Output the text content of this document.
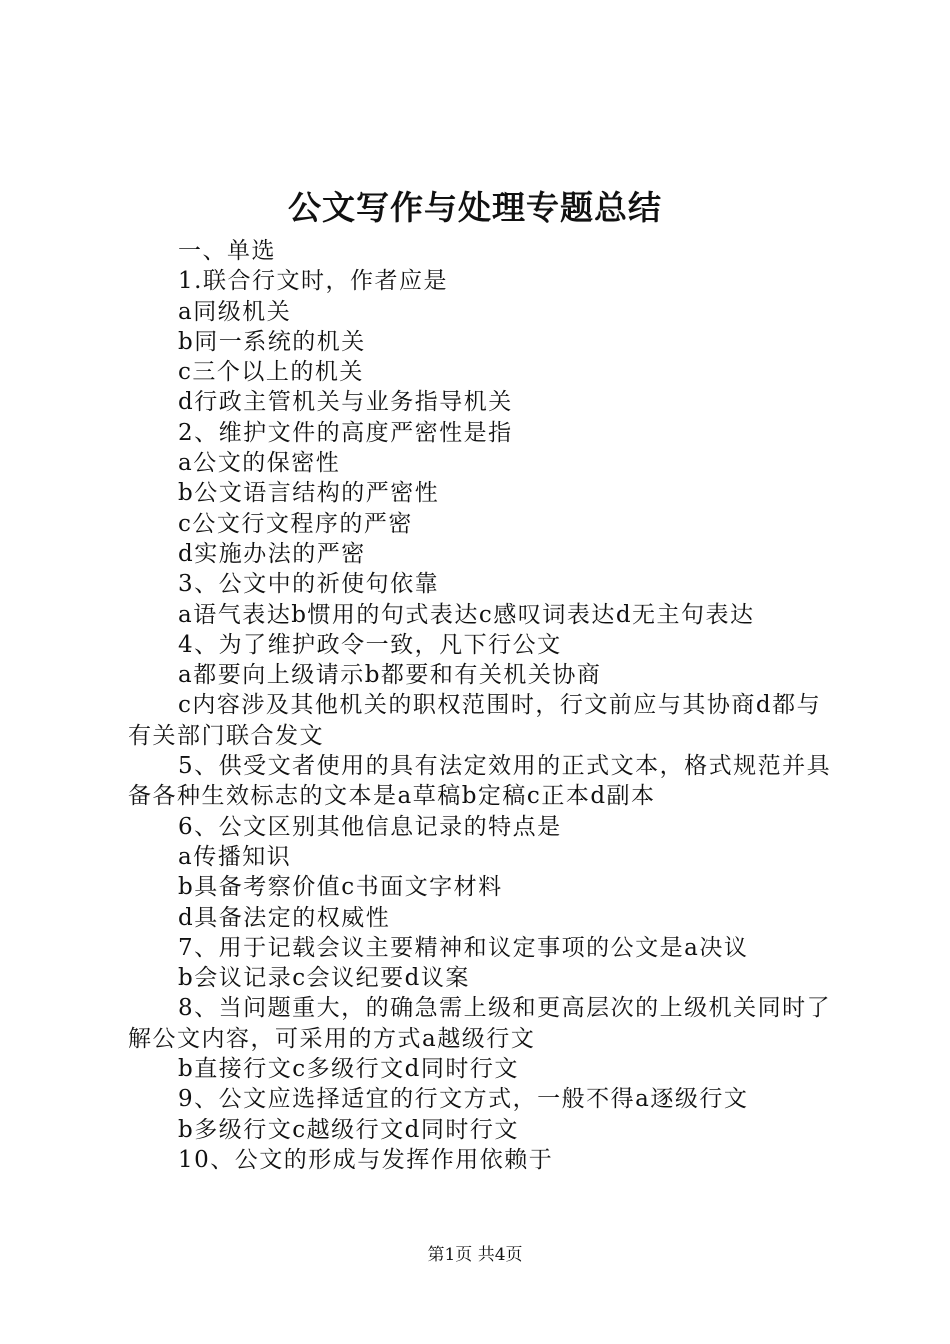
公文写作与处理专题总结

一、单选

1.联合行文时，作者应是

a同级机关

b同一系统的机关

c三个以上的机关

d行政主管机关与业务指导机关

2、维护文件的高度严密性是指

a公文的保密性

b公文语言结构的严密性

c公文行文程序的严密

d实施办法的严密

3、公文中的祈使句依靠

a语气表达b惯用的句式表达c感叹词表达d无主句表达

4、为了维护政令一致，凡下行公文

a都要向上级请示b都要和有关机关协商

c内容涉及其他机关的职权范围时，行文前应与其协商d都与有关部门联合发文

5、供受文者使用的具有法定效用的正式文本，格式规范并具备各种生效标志的文本是a草稿b定稿c正本d副本

6、公文区别其他信息记录的特点是

a传播知识

b具备考察价值c书面文字材料

d具备法定的权威性

7、用于记载会议主要精神和议定事项的公文是a决议

b会议记录c会议纪要d议案

8、当问题重大，的确急需上级和更高层次的上级机关同时了解公文内容，可采用的方式a越级行文

b直接行文c多级行文d同时行文

9、公文应选择适宜的行文方式，一般不得a逐级行文

b多级行文c越级行文d同时行文

10、公文的形成与发挥作用依赖于

第1页 共4页
